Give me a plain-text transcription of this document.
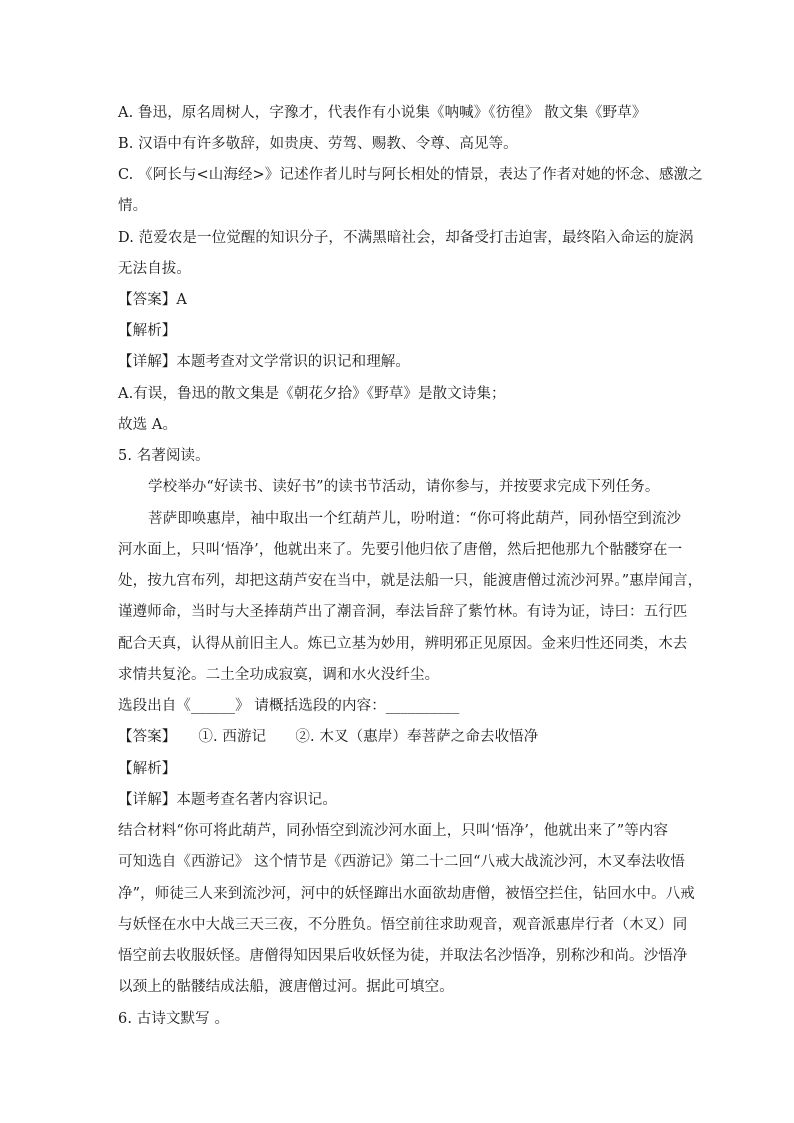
A. 鲁迅，原名周树人，字豫才，代表作有小说集《呐喊》《彷徨》 散文集《野草》
B. 汉语中有许多敬辞，如贵庚、劳驾、赐教、令尊、高见等。
C. 《阿长与<山海经>》记述作者儿时与阿长相处的情景，表达了作者对她的怀念、感激之
情。
D. 范爱农是一位觉醒的知识分子，不满黑暗社会，却备受打击迫害，最终陷入命运的旋涡
无法自拔。
【答案】A
【解析】
【详解】本题考查对文学常识的识记和理解。
A.有误，鲁迅的散文集是《朝花夕拾》《野草》是散文诗集；
故选 A。
5. 名著阅读。
学校举办“好读书、读好书”的读书节活动，请你参与，并按要求完成下列任务。
菩萨即唤惠岸，袖中取出一个红葫芦儿，吩咐道：“你可将此葫芦，同孙悟空到流沙
河水面上，只叫‘悟净’，他就出来了。先要引他归依了唐僧，然后把他那九个骷髅穿在一
处，按九宫布列，却把这葫芦安在当中，就是法船一只，能渡唐僧过流沙河界。”惠岸闻言，
谨遵师命，当时与大圣捧葫芦出了潮音洞，奉法旨辞了紫竹林。有诗为证，诗曰：五行匹
配合天真，认得从前旧主人。炼已立基为妙用，辨明邪正见原因。金来归性还同类，木去
求情共复沦。二土全功成寂寞，调和水火没纤尘。
选段出自《______》 请概括选段的内容：__________
【答案】　　①. 西游记　　②. 木叉（惠岸）奉菩萨之命去收悟净
【解析】
【详解】本题考查名著内容识记。
结合材料“你可将此葫芦，同孙悟空到流沙河水面上，只叫‘悟净’，他就出来了”等内容
可知选自《西游记》 这个情节是《西游记》第二十二回“八戒大战流沙河，木叉奉法收悟
净”，师徒三人来到流沙河，河中的妖怪蹿出水面欲劫唐僧，被悟空拦住，钻回水中。八戒
与妖怪在水中大战三天三夜，不分胜负。悟空前往求助观音，观音派惠岸行者（木叉）同
悟空前去收服妖怪。唐僧得知因果后收妖怪为徒，并取法名沙悟净，别称沙和尚。沙悟净
以颈上的骷髅结成法船，渡唐僧过河。据此可填空。
6. 古诗文默写 。
